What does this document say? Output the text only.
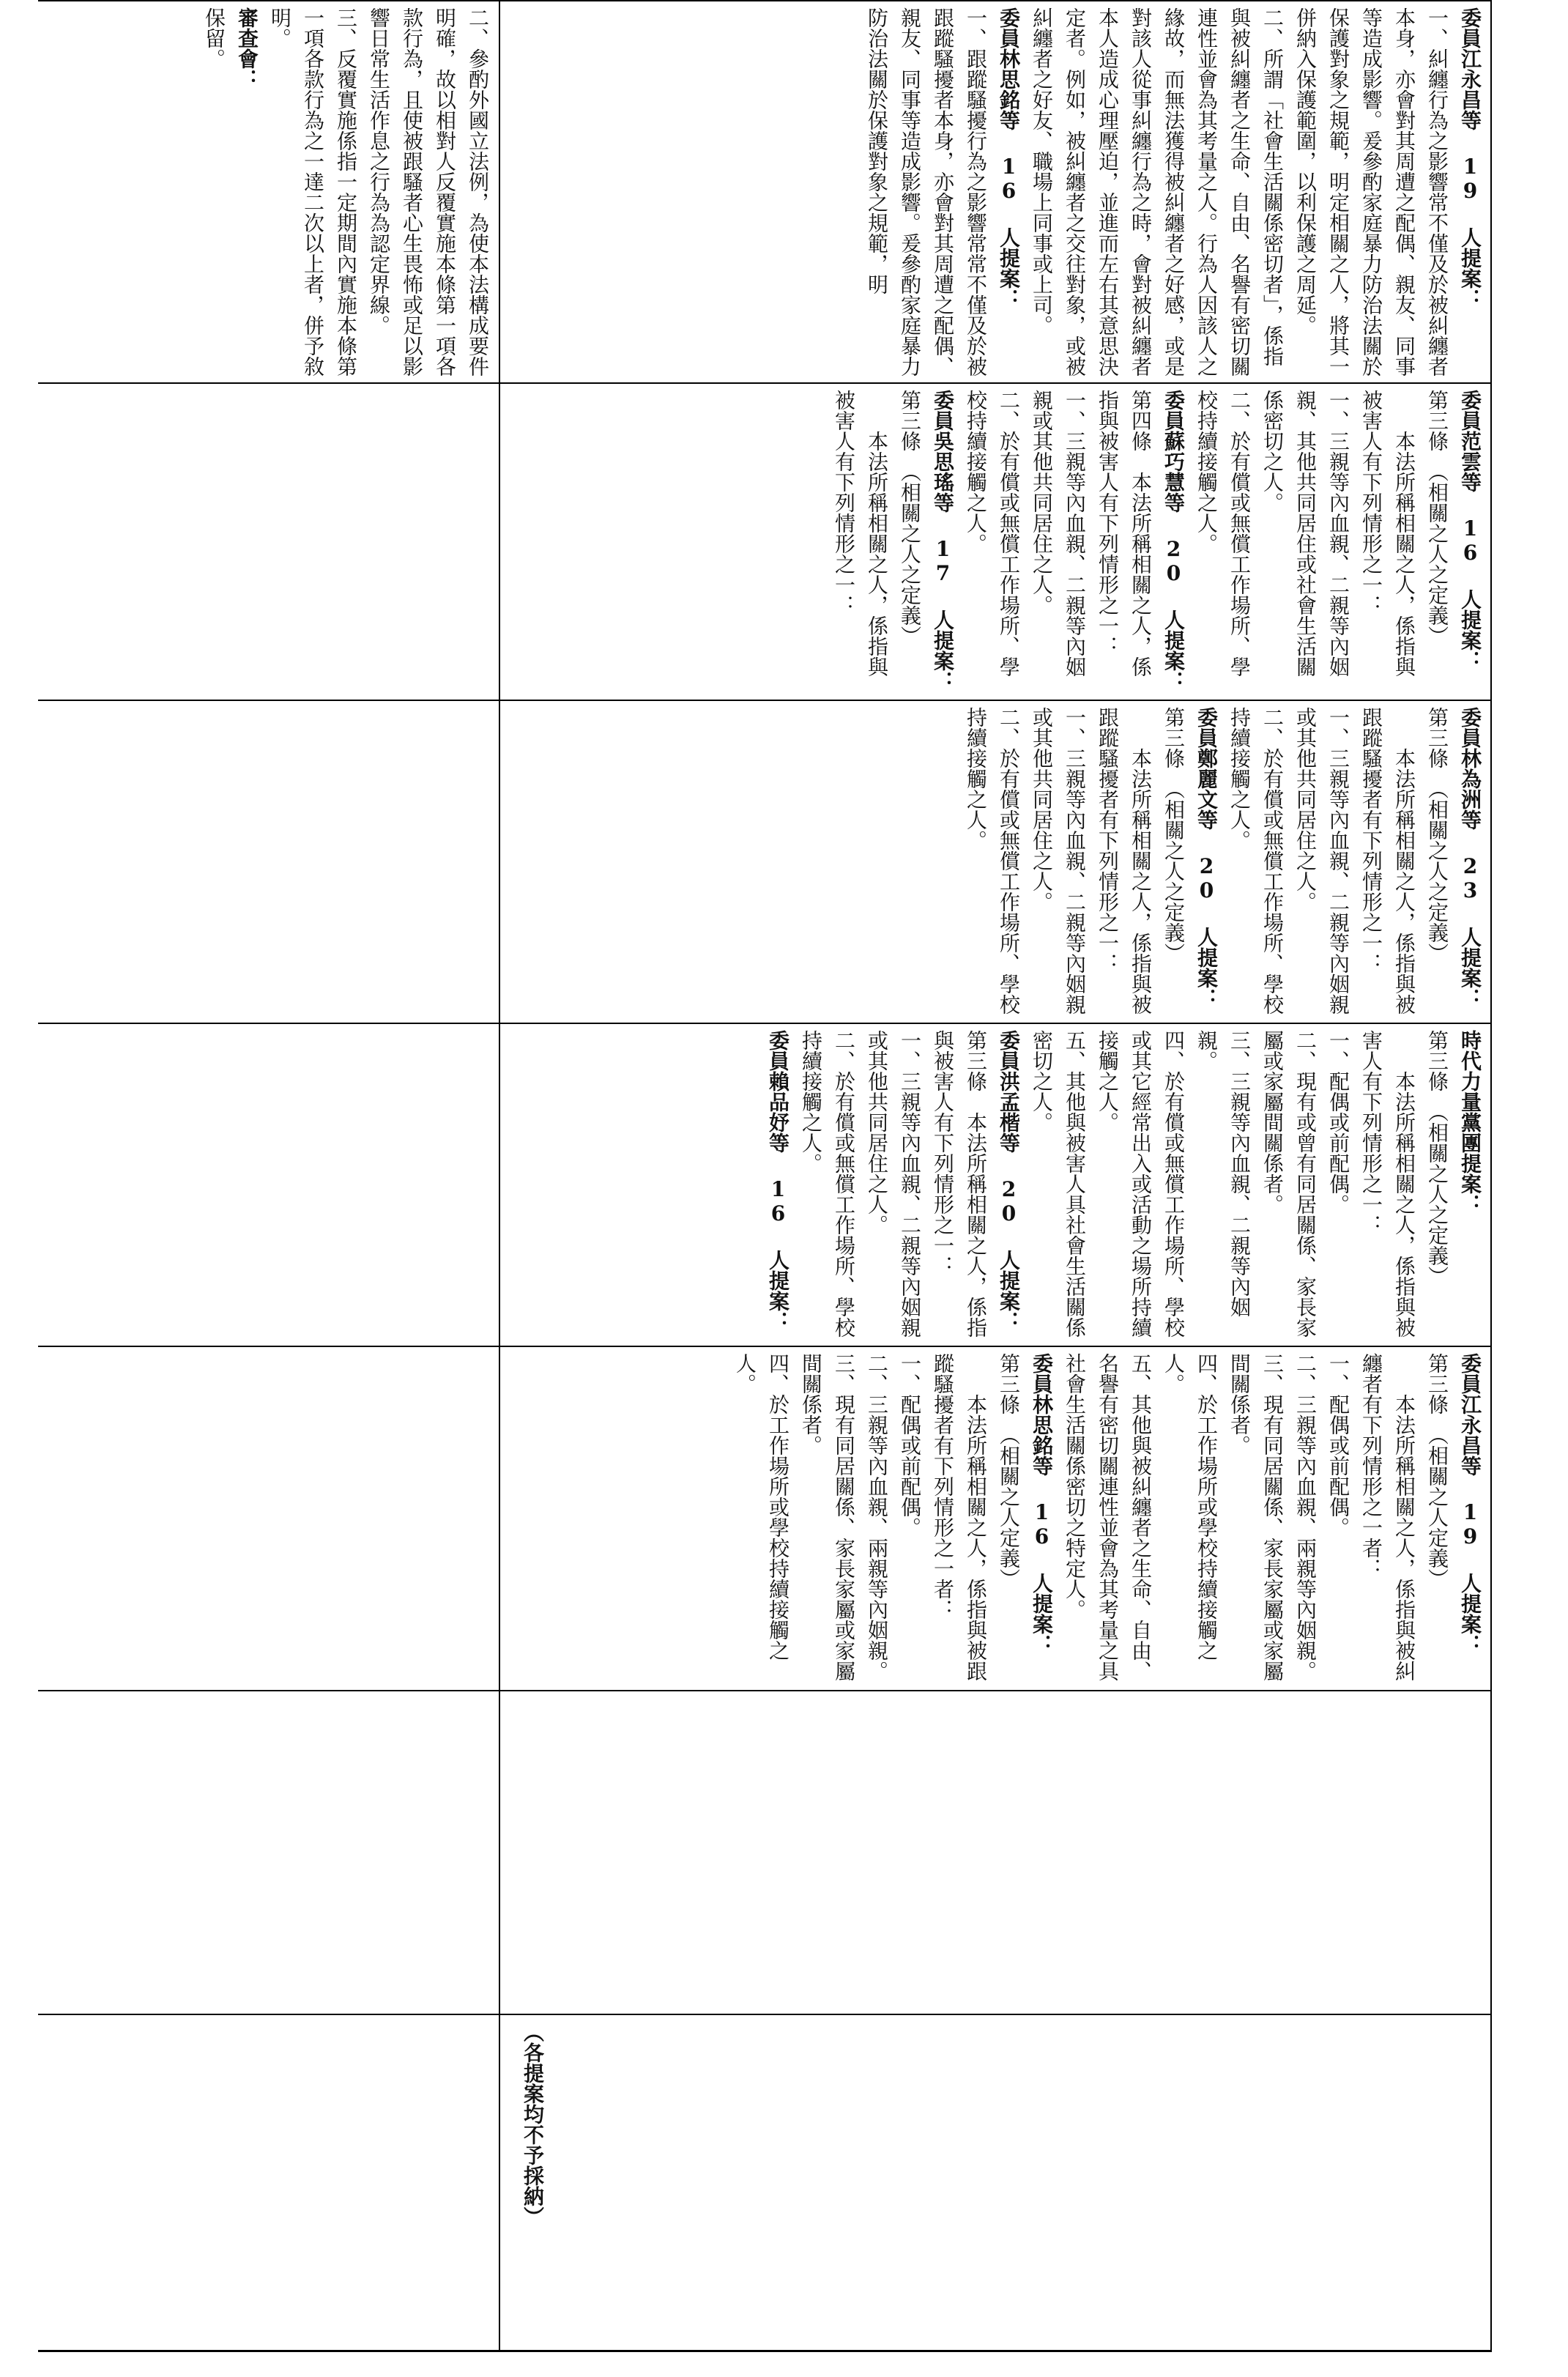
二、參酌外國立法例，為使本法構成要件明確，故以相對人反覆實施本條第一項各款行為，且使被跟騷者心生畏怖或足以影響日常生活作息之行為為認定界線。

三、反覆實施係指一定期間內實施本條第一項各款行為之一達二次以上者，併予敘明。

審查會：

保留。	委員江永昌等 19 人提案：

一、糾纏行為之影響常不僅及於被糾纏者本身，亦會對其周遭之配偶、親友、同事等造成影響。爰參酌家庭暴力防治法關於保護對象之規範，明定相關之人，將其一併納入保護範圍，以利保護之周延。

二、所謂「社會生活關係密切者」，係指與被糾纏者之生命、自由、名譽有密切關連性並會為其考量之人。行為人因該人之緣故，而無法獲得被糾纏者之好感，或是對該人從事糾纏行為之時，會對被糾纏者本人造成心理壓迫，並進而左右其意思決定者。例如，被糾纏者之交往對象，或被糾纏者之好友、職場上同事或上司。

委員林思銘等 16 人提案：

一、跟蹤騷擾行為之影響常常不僅及於被跟蹤騷擾者本身，亦會對其周遭之配偶、親友、同事等造成影響。爰參酌家庭暴力防治法關於保護對象之規範，明

委員范雲等 16 人提案：

第三條　（相關之人之定義）

　　本法所稱相關之人，係指與被害人有下列情形之一：

一、三親等內血親、二親等內姻親、其他共同居住或社會生活關係密切之人。

二、於有償或無償工作場所、學校持續接觸之人。

委員蘇巧慧等 20 人提案：

第四條　本法所稱相關之人，係指與被害人有下列情形之一：

一、三親等內血親、二親等內姻親或其他共同居住之人。

二、於有償或無償工作場所、學校持續接觸之人。

委員吳思瑤等 17 人提案：

第三條　（相關之人之定義）

　　本法所稱相關之人，係指與被害人有下列情形之一：

委員林為洲等 23 人提案：

第三條　（相關之人之定義）

　　本法所稱相關之人，係指與被跟蹤騷擾者有下列情形之一：

一、三親等內血親、二親等內姻親或其他共同居住之人。

二、於有償或無償工作場所、學校持續接觸之人。

委員鄭麗文等 20 人提案：

第三條　（相關之人之定義）

　　本法所稱相關之人，係指與被跟蹤騷擾者有下列情形之一：

一、三親等內血親、二親等內姻親或其他共同居住之人。

二、於有償或無償工作場所、學校持續接觸之人。

時代力量黨團提案：

第三條　（相關之人之定義）

　　本法所稱相關之人，係指與被害人有下列情形之一：

一、配偶或前配偶。

二、現有或曾有同居關係、家長家屬或家屬間關係者。

三、三親等內血親、二親等內姻親。

四、於有償或無償工作場所、學校或其它經常出入或活動之場所持續接觸之人。

五、其他與被害人具社會生活關係密切之人。

委員洪孟楷等 20 人提案：

第三條　本法所稱相關之人，係指與被害人有下列情形之一：

一、三親等內血親、二親等內姻親或其他共同居住之人。

二、於有償或無償工作場所、學校持續接觸之人。

委員賴品妤等 16 人提案：

委員江永昌等 19 人提案：

第三條　（相關之人定義）

　　本法所稱相關之人，係指與被糾纏者有下列情形之一者：

一、配偶或前配偶。

二、三親等內血親、兩親等內姻親。

三、現有同居關係、家長家屬或家屬間關係者。

四、於工作場所或學校持續接觸之人。

五、其他與被糾纏者之生命、自由、名譽有密切關連性並會為其考量之具社會生活關係密切之特定人。

委員林思銘等 16 人提案：

第三條　（相關之人定義）

　　本法所稱相關之人，係指與被跟蹤騷擾者有下列情形之一者：

一、配偶或前配偶。

二、三親等內血親、兩親等內姻親。

三、現有同居關係、家長家屬或家屬間關係者。

四、於工作場所或學校持續接觸之人。

（各提案均不予採納）
